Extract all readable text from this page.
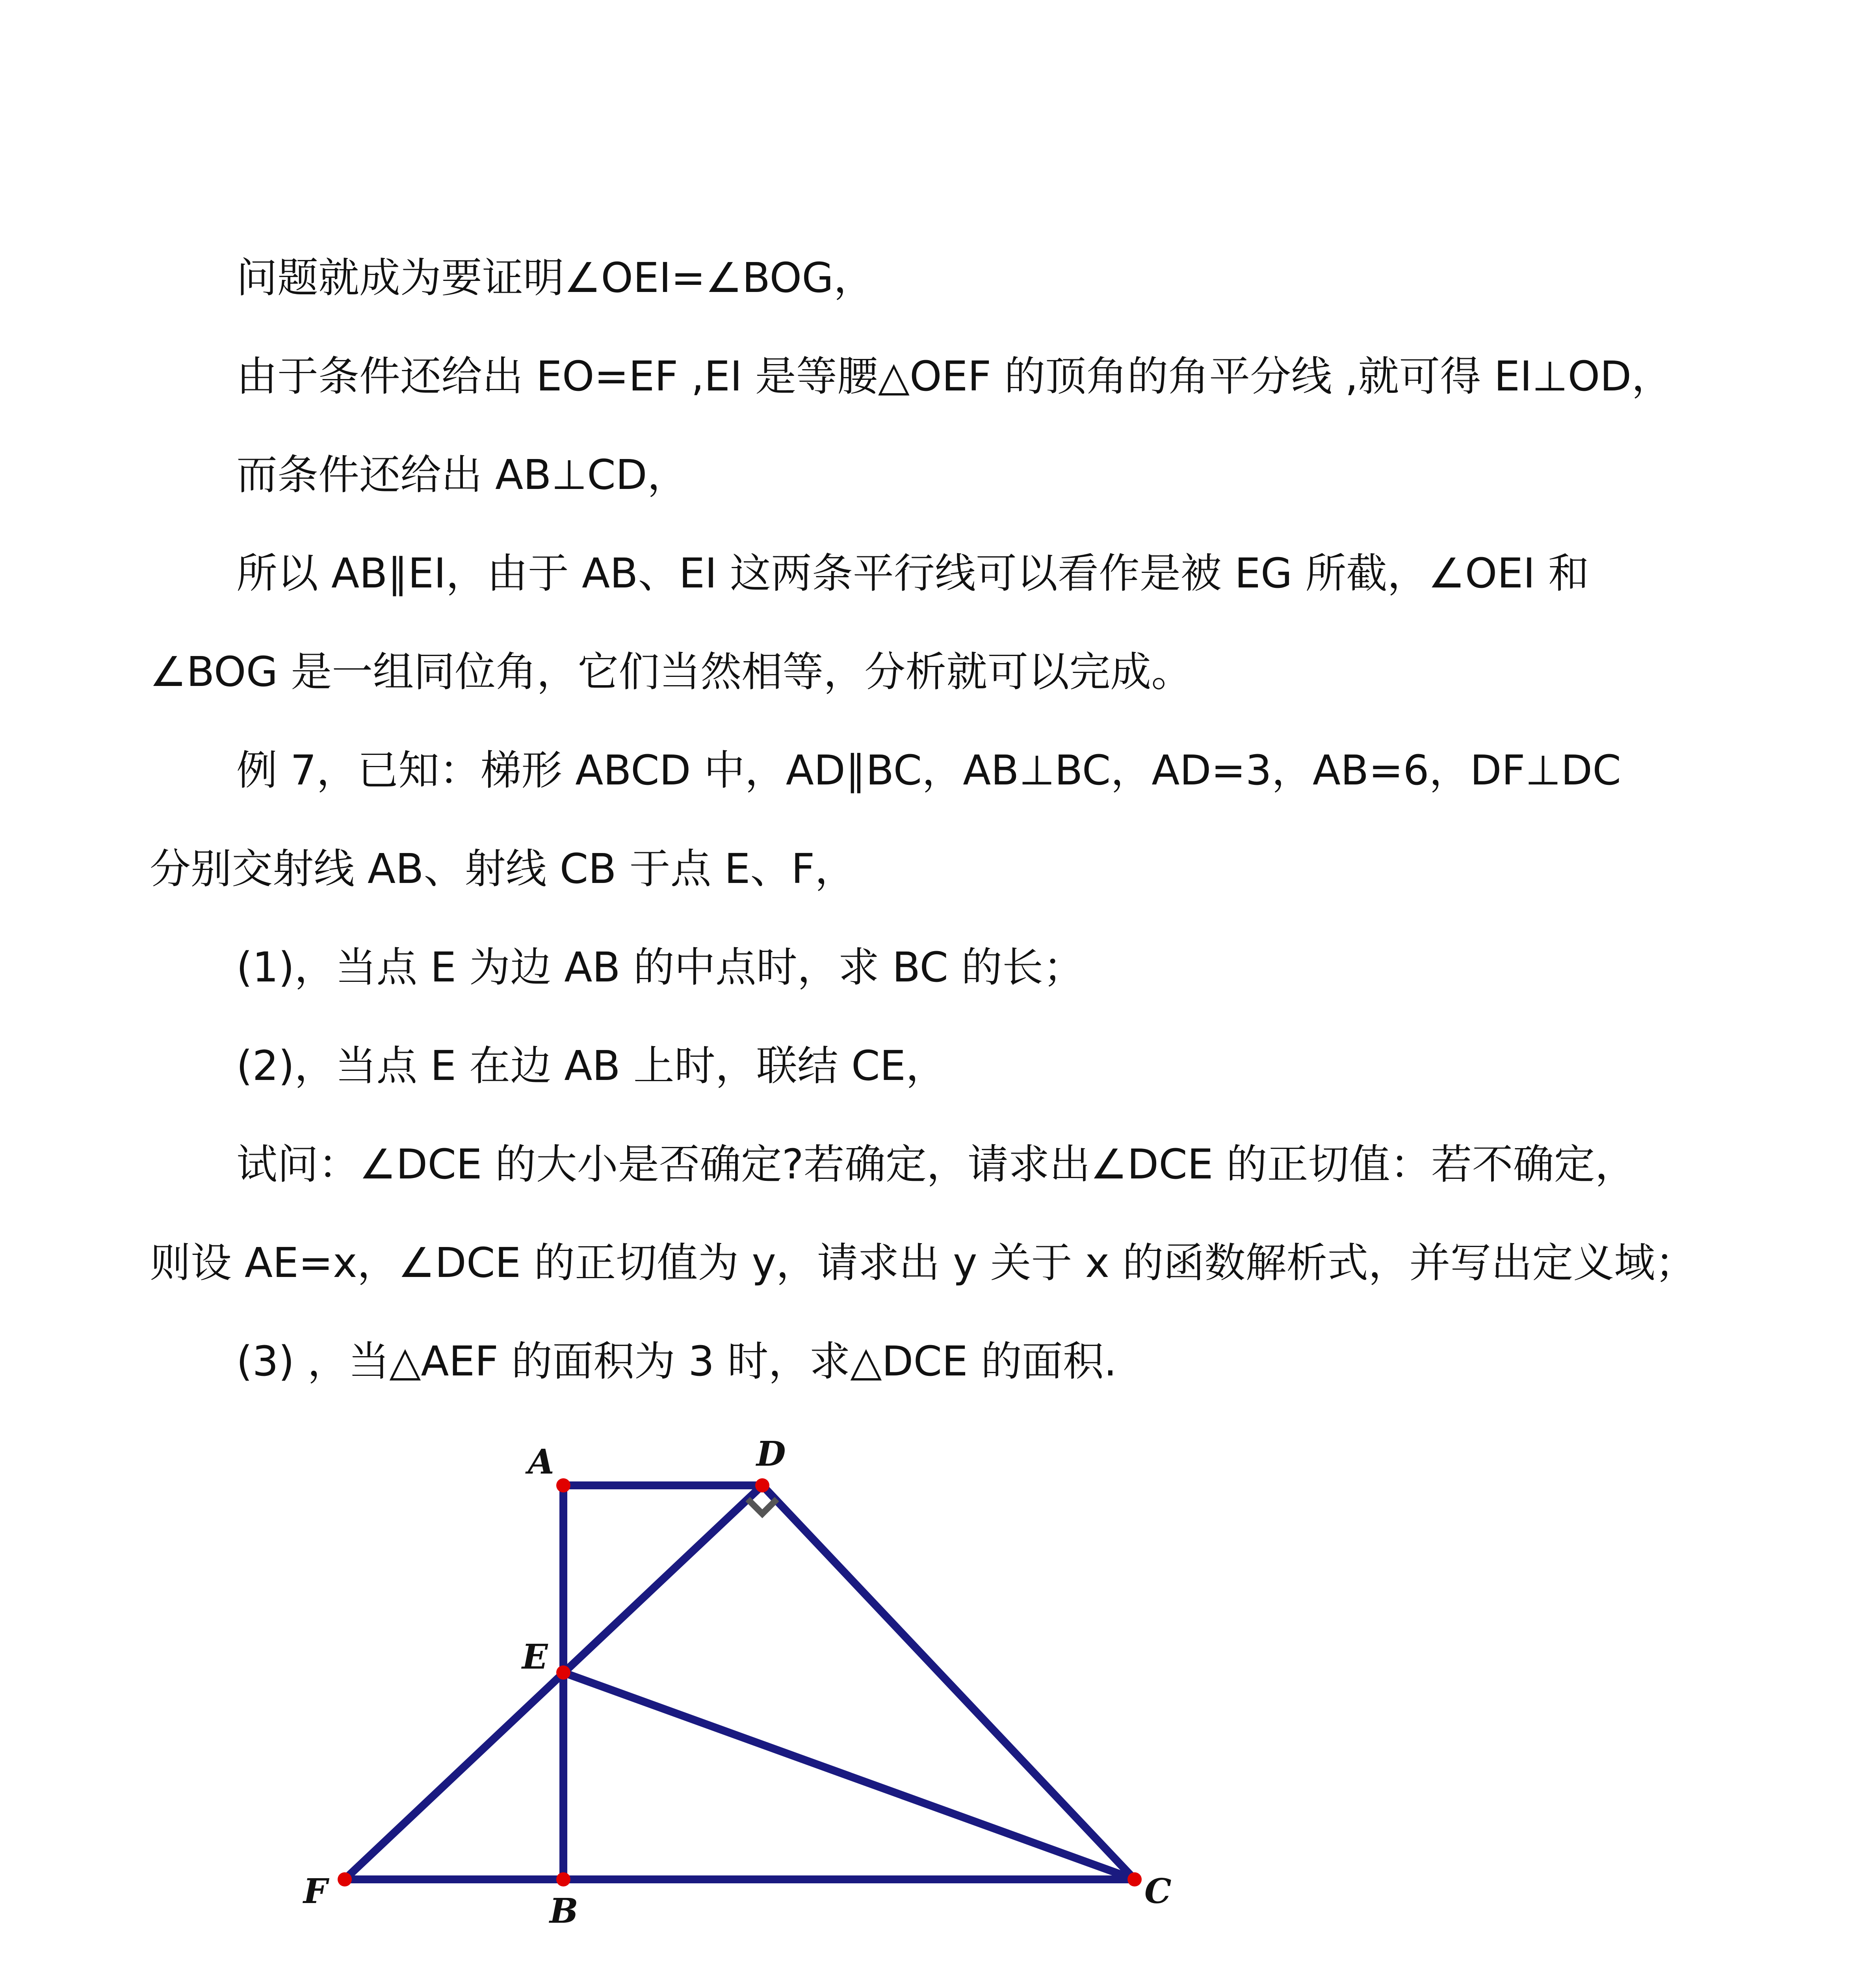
问题就成为要证明∠OEI=∠BOG，
由于条件还给出 EO=EF ,EI 是等腰△OEF 的顶角的角平分线 ,就可得 EI⊥OD，
而条件还给出 AB⊥CD，
所以 AB∥EI，由于 AB、EI 这两条平行线可以看作是被 EG 所截，∠OEI 和
∠BOG 是一组同位角，它们当然相等，分析就可以完成。
例 7，已知：梯形 ABCD 中，AD∥BC，AB⊥BC，AD=3，AB=6，DF⊥DC
分别交射线 AB、射线 CB 于点 E、F，
(1)，当点 E 为边 AB 的中点时，求 BC 的长；
(2)，当点 E 在边 AB 上时，联结 CE，
试问：∠DCE 的大小是否确定?若确定，请求出∠DCE 的正切值：若不确定，
则设 AE=x，∠DCE 的正切值为 y，请求出 y 关于 x 的函数解析式，并写出定义域；
(3) ，当△AEF 的面积为 3 时，求△DCE 的面积.
A	D
E
F	B	C
